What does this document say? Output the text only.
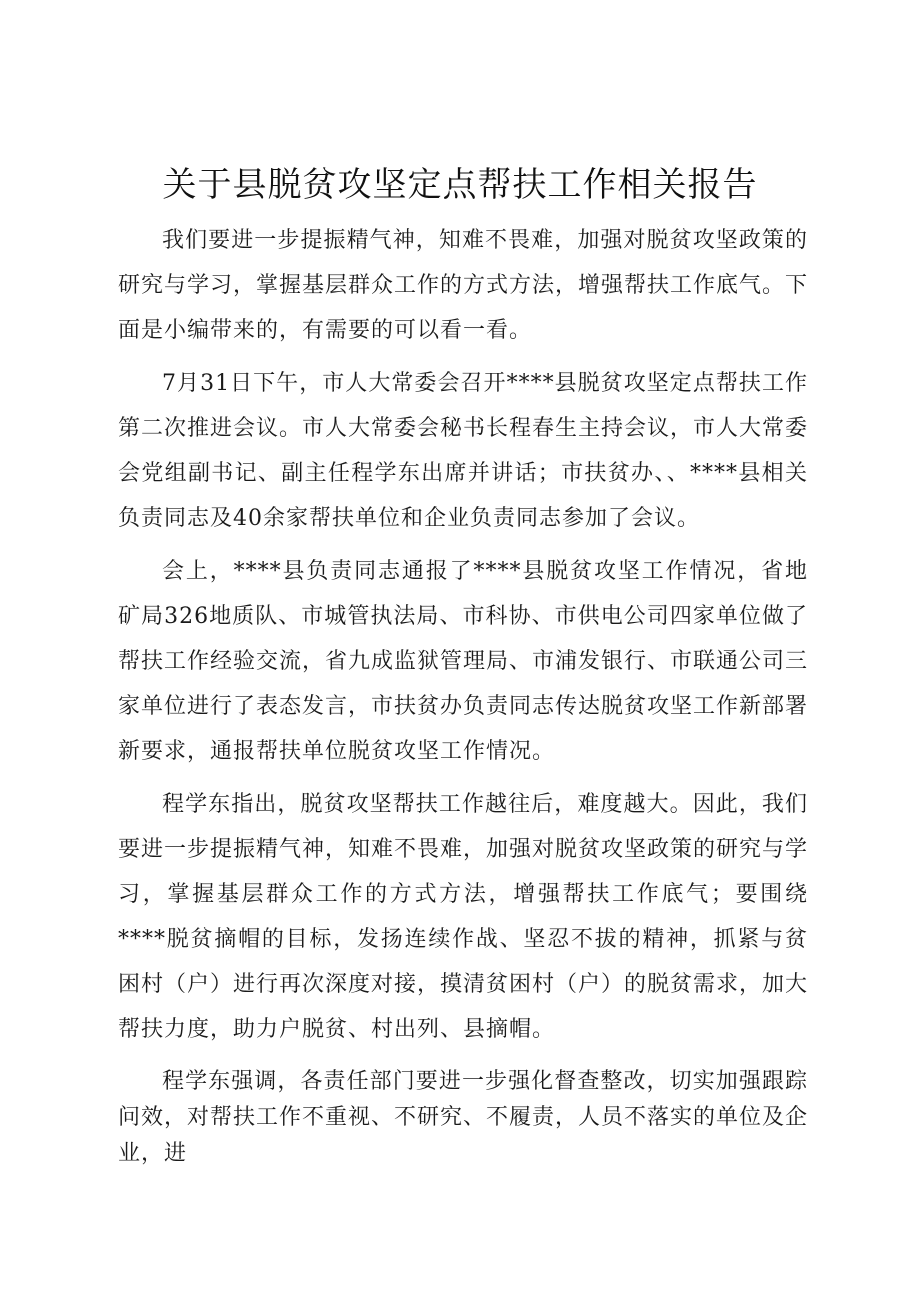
关于县脱贫攻坚定点帮扶工作相关报告

我们要进一步提振精气神，知难不畏难，加强对脱贫攻坚政策的研究与学习，掌握基层群众工作的方式方法，增强帮扶工作底气。下面是小编带来的，有需要的可以看一看。

7月31日下午，市人大常委会召开****县脱贫攻坚定点帮扶工作第二次推进会议。市人大常委会秘书长程春生主持会议，市人大常委会党组副书记、副主任程学东出席并讲话；市扶贫办、、****县相关负责同志及40余家帮扶单位和企业负责同志参加了会议。

会上，****县负责同志通报了****县脱贫攻坚工作情况，省地矿局326地质队、市城管执法局、市科协、市供电公司四家单位做了帮扶工作经验交流，省九成监狱管理局、市浦发银行、市联通公司三家单位进行了表态发言，市扶贫办负责同志传达脱贫攻坚工作新部署新要求，通报帮扶单位脱贫攻坚工作情况。

程学东指出，脱贫攻坚帮扶工作越往后，难度越大。因此，我们要进一步提振精气神，知难不畏难，加强对脱贫攻坚政策的研究与学习，掌握基层群众工作的方式方法，增强帮扶工作底气；要围绕****脱贫摘帽的目标，发扬连续作战、坚忍不拔的精神，抓紧与贫困村（户）进行再次深度对接，摸清贫困村（户）的脱贫需求，加大帮扶力度，助力户脱贫、村出列、县摘帽。

程学东强调，各责任部门要进一步强化督查整改，切实加强跟踪问效，对帮扶工作不重视、不研究、不履责，人员不落实的单位及企业，进
